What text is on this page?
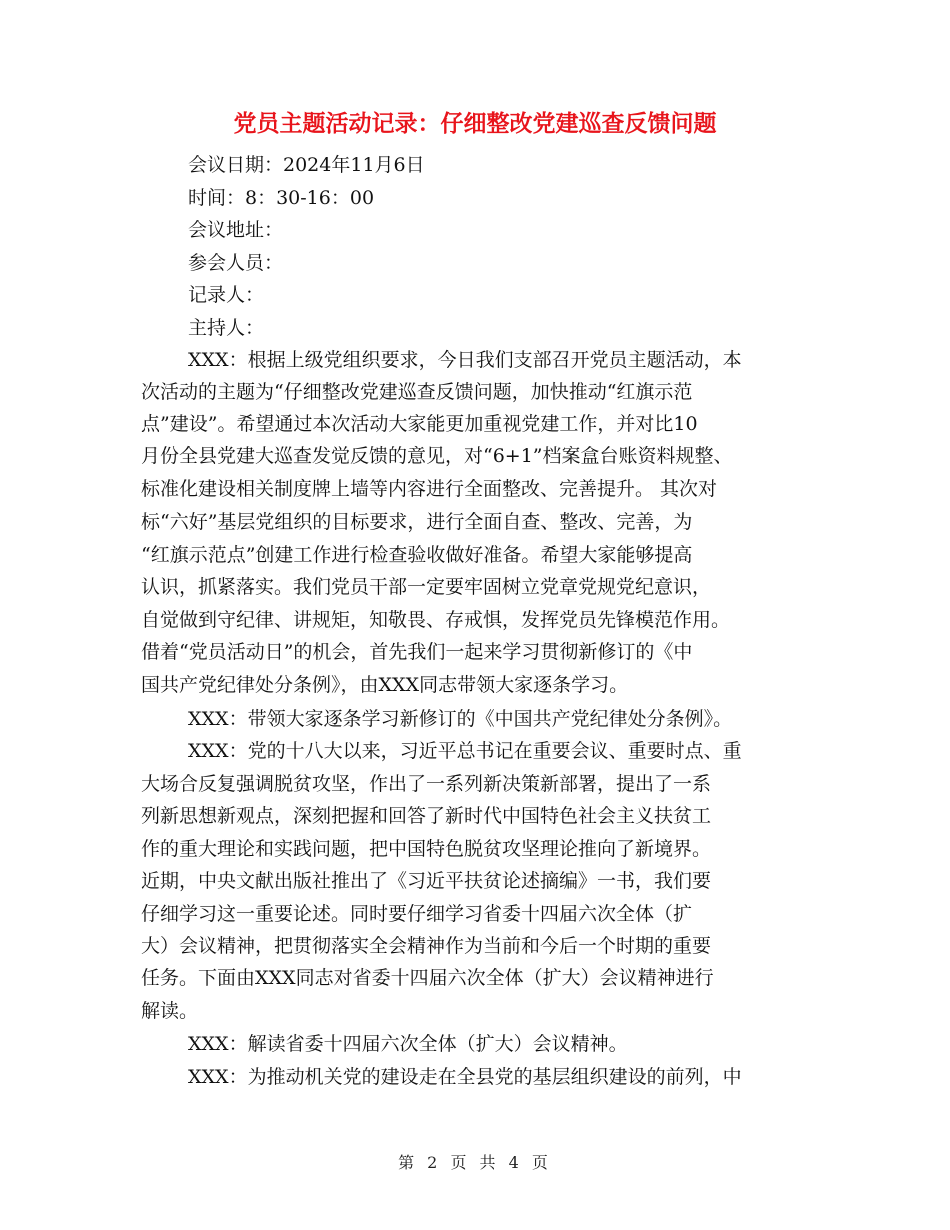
党员主题活动记录：仔细整改党建巡查反馈问题
会议日期：2024年11月6日
时间：8：30-16：00
会议地址：
参会人员：
记录人：
主持人：
XXX：根据上级党组织要求，今日我们支部召开党员主题活动，本
次活动的主题为“仔细整改党建巡查反馈问题，加快推动“红旗示范
点”建设”。希望通过本次活动大家能更加重视党建工作，并对比10
月份全县党建大巡查发觉反馈的意见，对“6+1”档案盒台账资料规整、
标准化建设相关制度牌上墙等内容进行全面整改、完善提升。 其次对
标“六好”基层党组织的目标要求，进行全面自查、整改、完善，为
“红旗示范点”创建工作进行检查验收做好准备。希望大家能够提高
认识，抓紧落实。我们党员干部一定要牢固树立党章党规党纪意识，
自觉做到守纪律、讲规矩，知敬畏、存戒惧，发挥党员先锋模范作用。
借着“党员活动日”的机会，首先我们一起来学习贯彻新修订的《中
国共产党纪律处分条例》，由XXX同志带领大家逐条学习。
XXX：带领大家逐条学习新修订的《中国共产党纪律处分条例》。
XXX：党的十八大以来，习近平总书记在重要会议、重要时点、重
大场合反复强调脱贫攻坚，作出了一系列新决策新部署，提出了一系
列新思想新观点，深刻把握和回答了新时代中国特色社会主义扶贫工
作的重大理论和实践问题，把中国特色脱贫攻坚理论推向了新境界。
近期，中央文献出版社推出了《习近平扶贫论述摘编》一书，我们要
仔细学习这一重要论述。同时要仔细学习省委十四届六次全体（扩
大）会议精神，把贯彻落实全会精神作为当前和今后一个时期的重要
任务。下面由XXX同志对省委十四届六次全体（扩大）会议精神进行
解读。
XXX：解读省委十四届六次全体（扩大）会议精神。
XXX：为推动机关党的建设走在全县党的基层组织建设的前列，中
第 2 页 共 4 页
